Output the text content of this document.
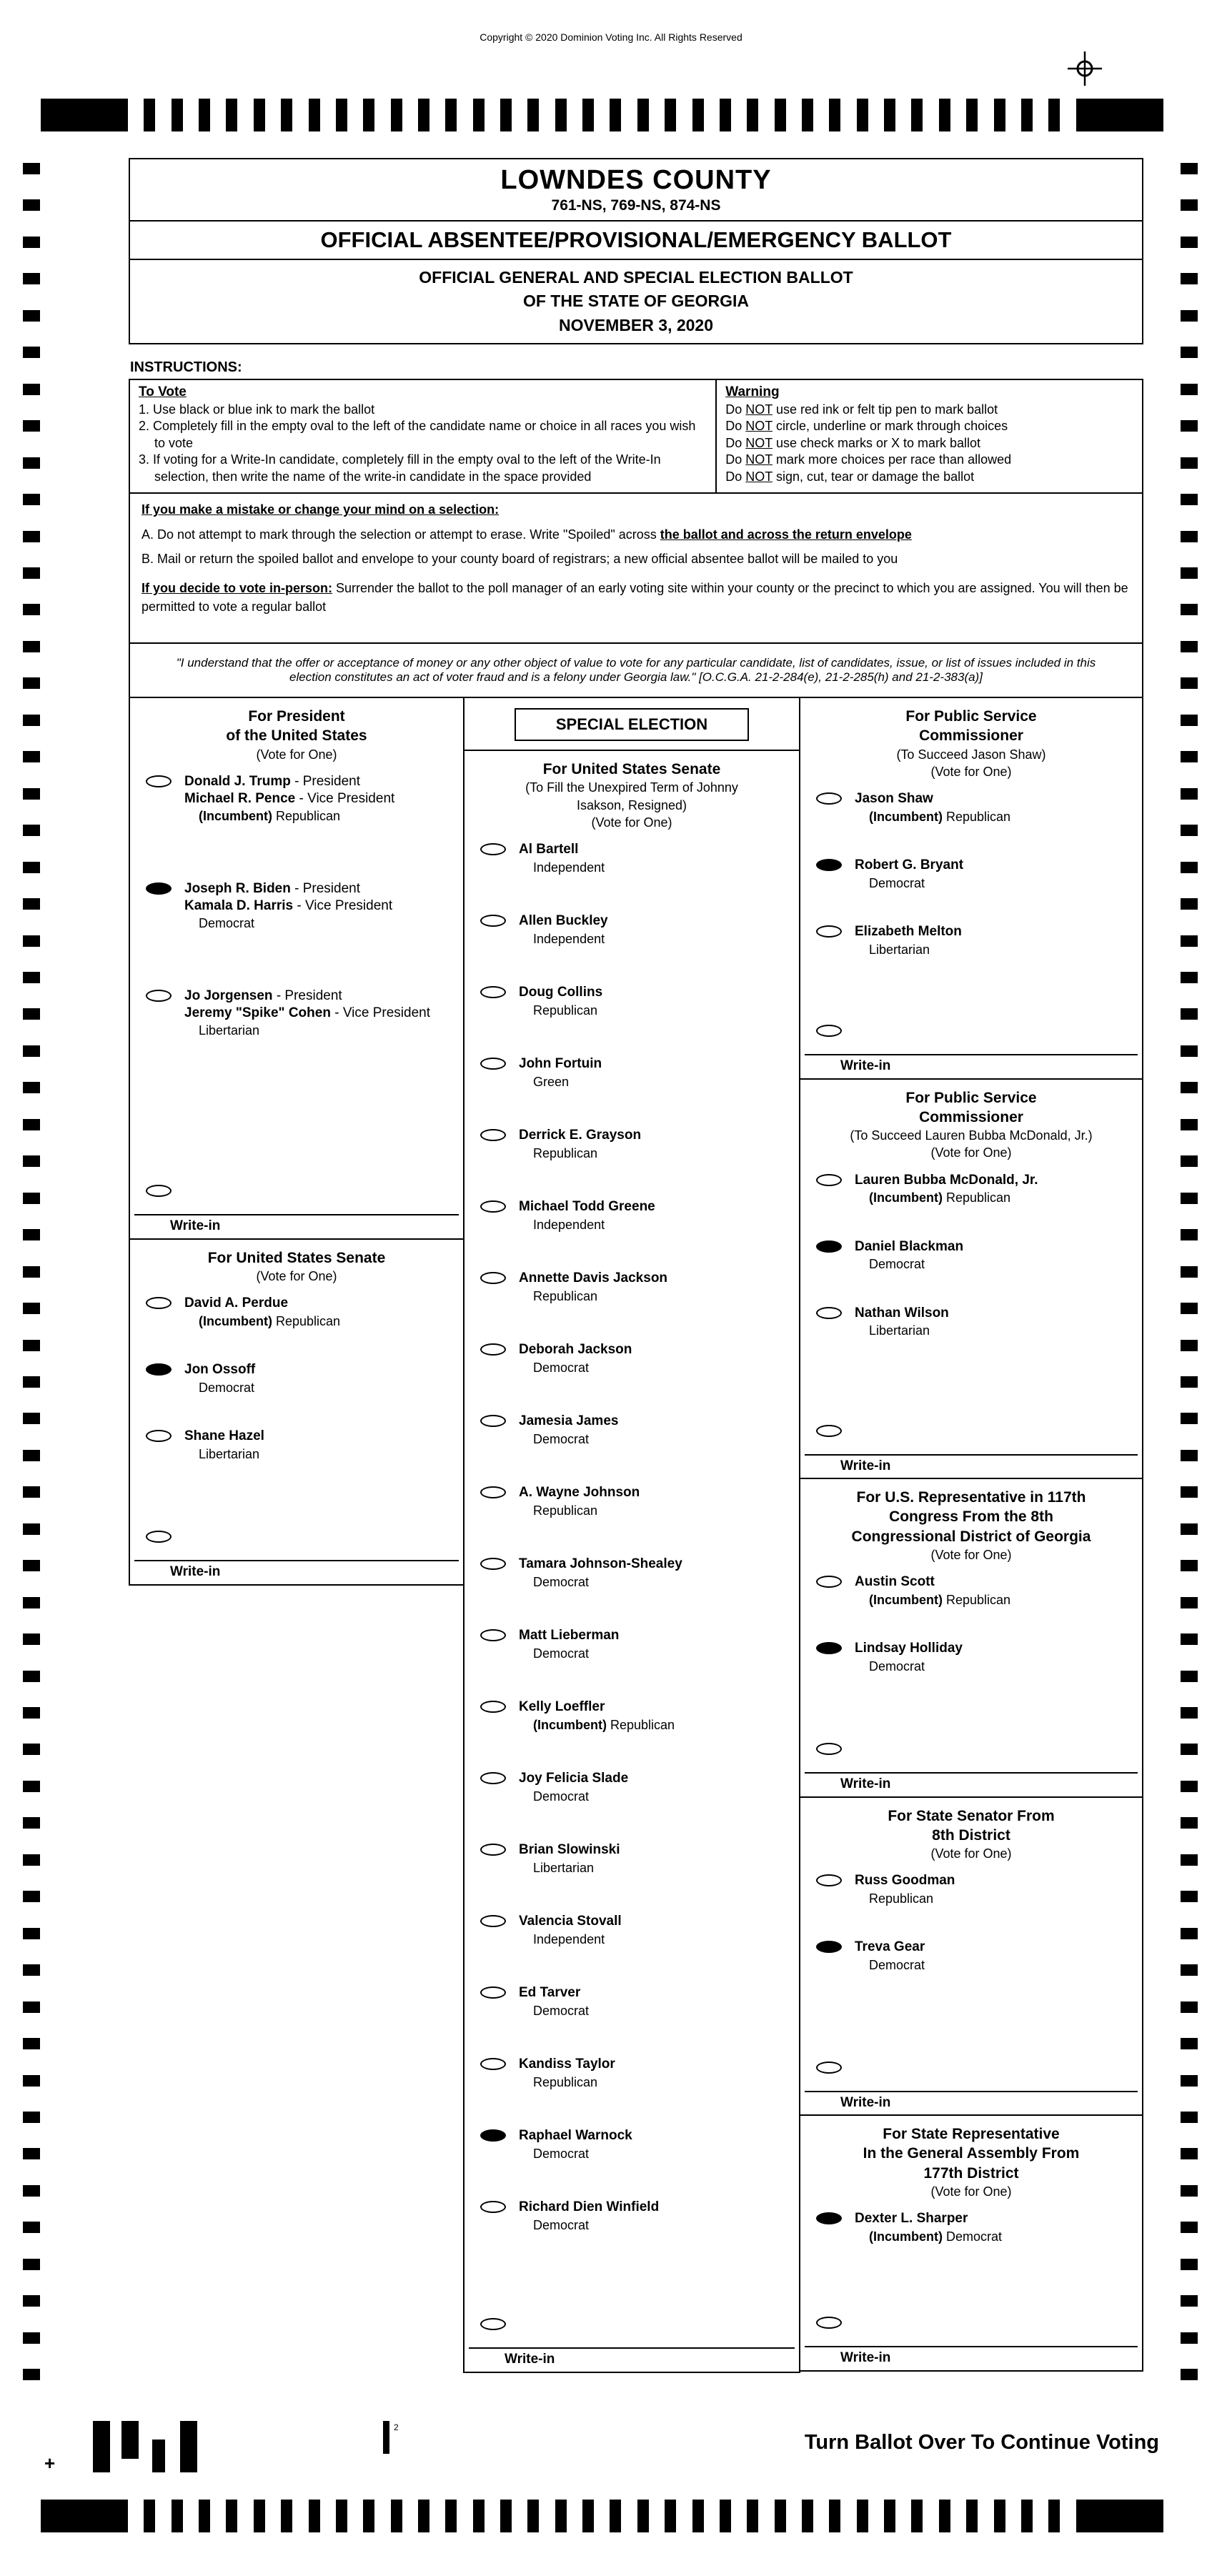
Copyright © 2020 Dominion Voting Inc. All Rights Reserved
LOWNDES COUNTY
761-NS, 769-NS, 874-NS
OFFICIAL ABSENTEE/PROVISIONAL/EMERGENCY BALLOT
OFFICIAL GENERAL AND SPECIAL ELECTION BALLOT
OF THE STATE OF GEORGIA
NOVEMBER 3, 2020
INSTRUCTIONS:
To Vote
1. Use black or blue ink to mark the ballot
2. Completely fill in the empty oval to the left of the candidate name or choice in all races you wish to vote
3. If voting for a Write-In candidate, completely fill in the empty oval to the left of the Write-In selection, then write the name of the write-in candidate in the space provided
Warning
Do NOT use red ink or felt tip pen to mark ballot
Do NOT circle, underline or mark through choices
Do NOT use check marks or X to mark ballot
Do NOT mark more choices per race than allowed
Do NOT sign, cut, tear or damage the ballot
If you make a mistake or change your mind on a selection:
A. Do not attempt to mark through the selection or attempt to erase. Write "Spoiled" across the ballot and across the return envelope
B. Mail or return the spoiled ballot and envelope to your county board of registrars; a new official absentee ballot will be mailed to you
If you decide to vote in-person: Surrender the ballot to the poll manager of an early voting site within your county or the precinct to which you are assigned. You will then be permitted to vote a regular ballot
"I understand that the offer or acceptance of money or any other object of value to vote for any particular candidate, list of candidates, issue, or list of issues included in this election constitutes an act of voter fraud and is a felony under Georgia law." [O.C.G.A. 21-2-284(e), 21-2-285(h) and 21-2-383(a)]
For President
of the United States
(Vote for One)
Donald J. Trump - President
Michael R. Pence - Vice President
(Incumbent) Republican
Joseph R. Biden - President
Kamala D. Harris - Vice President
Democrat
Jo Jorgensen - President
Jeremy "Spike" Cohen - Vice President
Libertarian
Write-in
For United States Senate
(Vote for One)
David A. Perdue
(Incumbent) Republican
Jon Ossoff
Democrat
Shane Hazel
Libertarian
Write-in
SPECIAL ELECTION
For United States Senate
(To Fill the Unexpired Term of Johnny
Isakson, Resigned)
(Vote for One)
Al Bartell
Independent
Allen Buckley
Independent
Doug Collins
Republican
John Fortuin
Green
Derrick E. Grayson
Republican
Michael Todd Greene
Independent
Annette Davis Jackson
Republican
Deborah Jackson
Democrat
Jamesia James
Democrat
A. Wayne Johnson
Republican
Tamara Johnson-Shealey
Democrat
Matt Lieberman
Democrat
Kelly Loeffler
(Incumbent) Republican
Joy Felicia Slade
Democrat
Brian Slowinski
Libertarian
Valencia Stovall
Independent
Ed Tarver
Democrat
Kandiss Taylor
Republican
Raphael Warnock
Democrat
Richard Dien Winfield
Democrat
Write-in
For Public Service
Commissioner
(To Succeed Jason Shaw)
(Vote for One)
Jason Shaw
(Incumbent) Republican
Robert G. Bryant
Democrat
Elizabeth Melton
Libertarian
Write-in
For Public Service
Commissioner
(To Succeed Lauren Bubba McDonald, Jr.)
(Vote for One)
Lauren Bubba McDonald, Jr.
(Incumbent) Republican
Daniel Blackman
Democrat
Nathan Wilson
Libertarian
Write-in
For U.S. Representative in 117th
Congress From the 8th
Congressional District of Georgia
(Vote for One)
Austin Scott
(Incumbent) Republican
Lindsay Holliday
Democrat
Write-in
For State Senator From
8th District
(Vote for One)
Russ Goodman
Republican
Treva Gear
Democrat
Write-in
For State Representative
In the General Assembly From
177th District
(Vote for One)
Dexter L. Sharper
(Incumbent) Democrat
Write-in
+
2
Turn Ballot Over To Continue Voting
